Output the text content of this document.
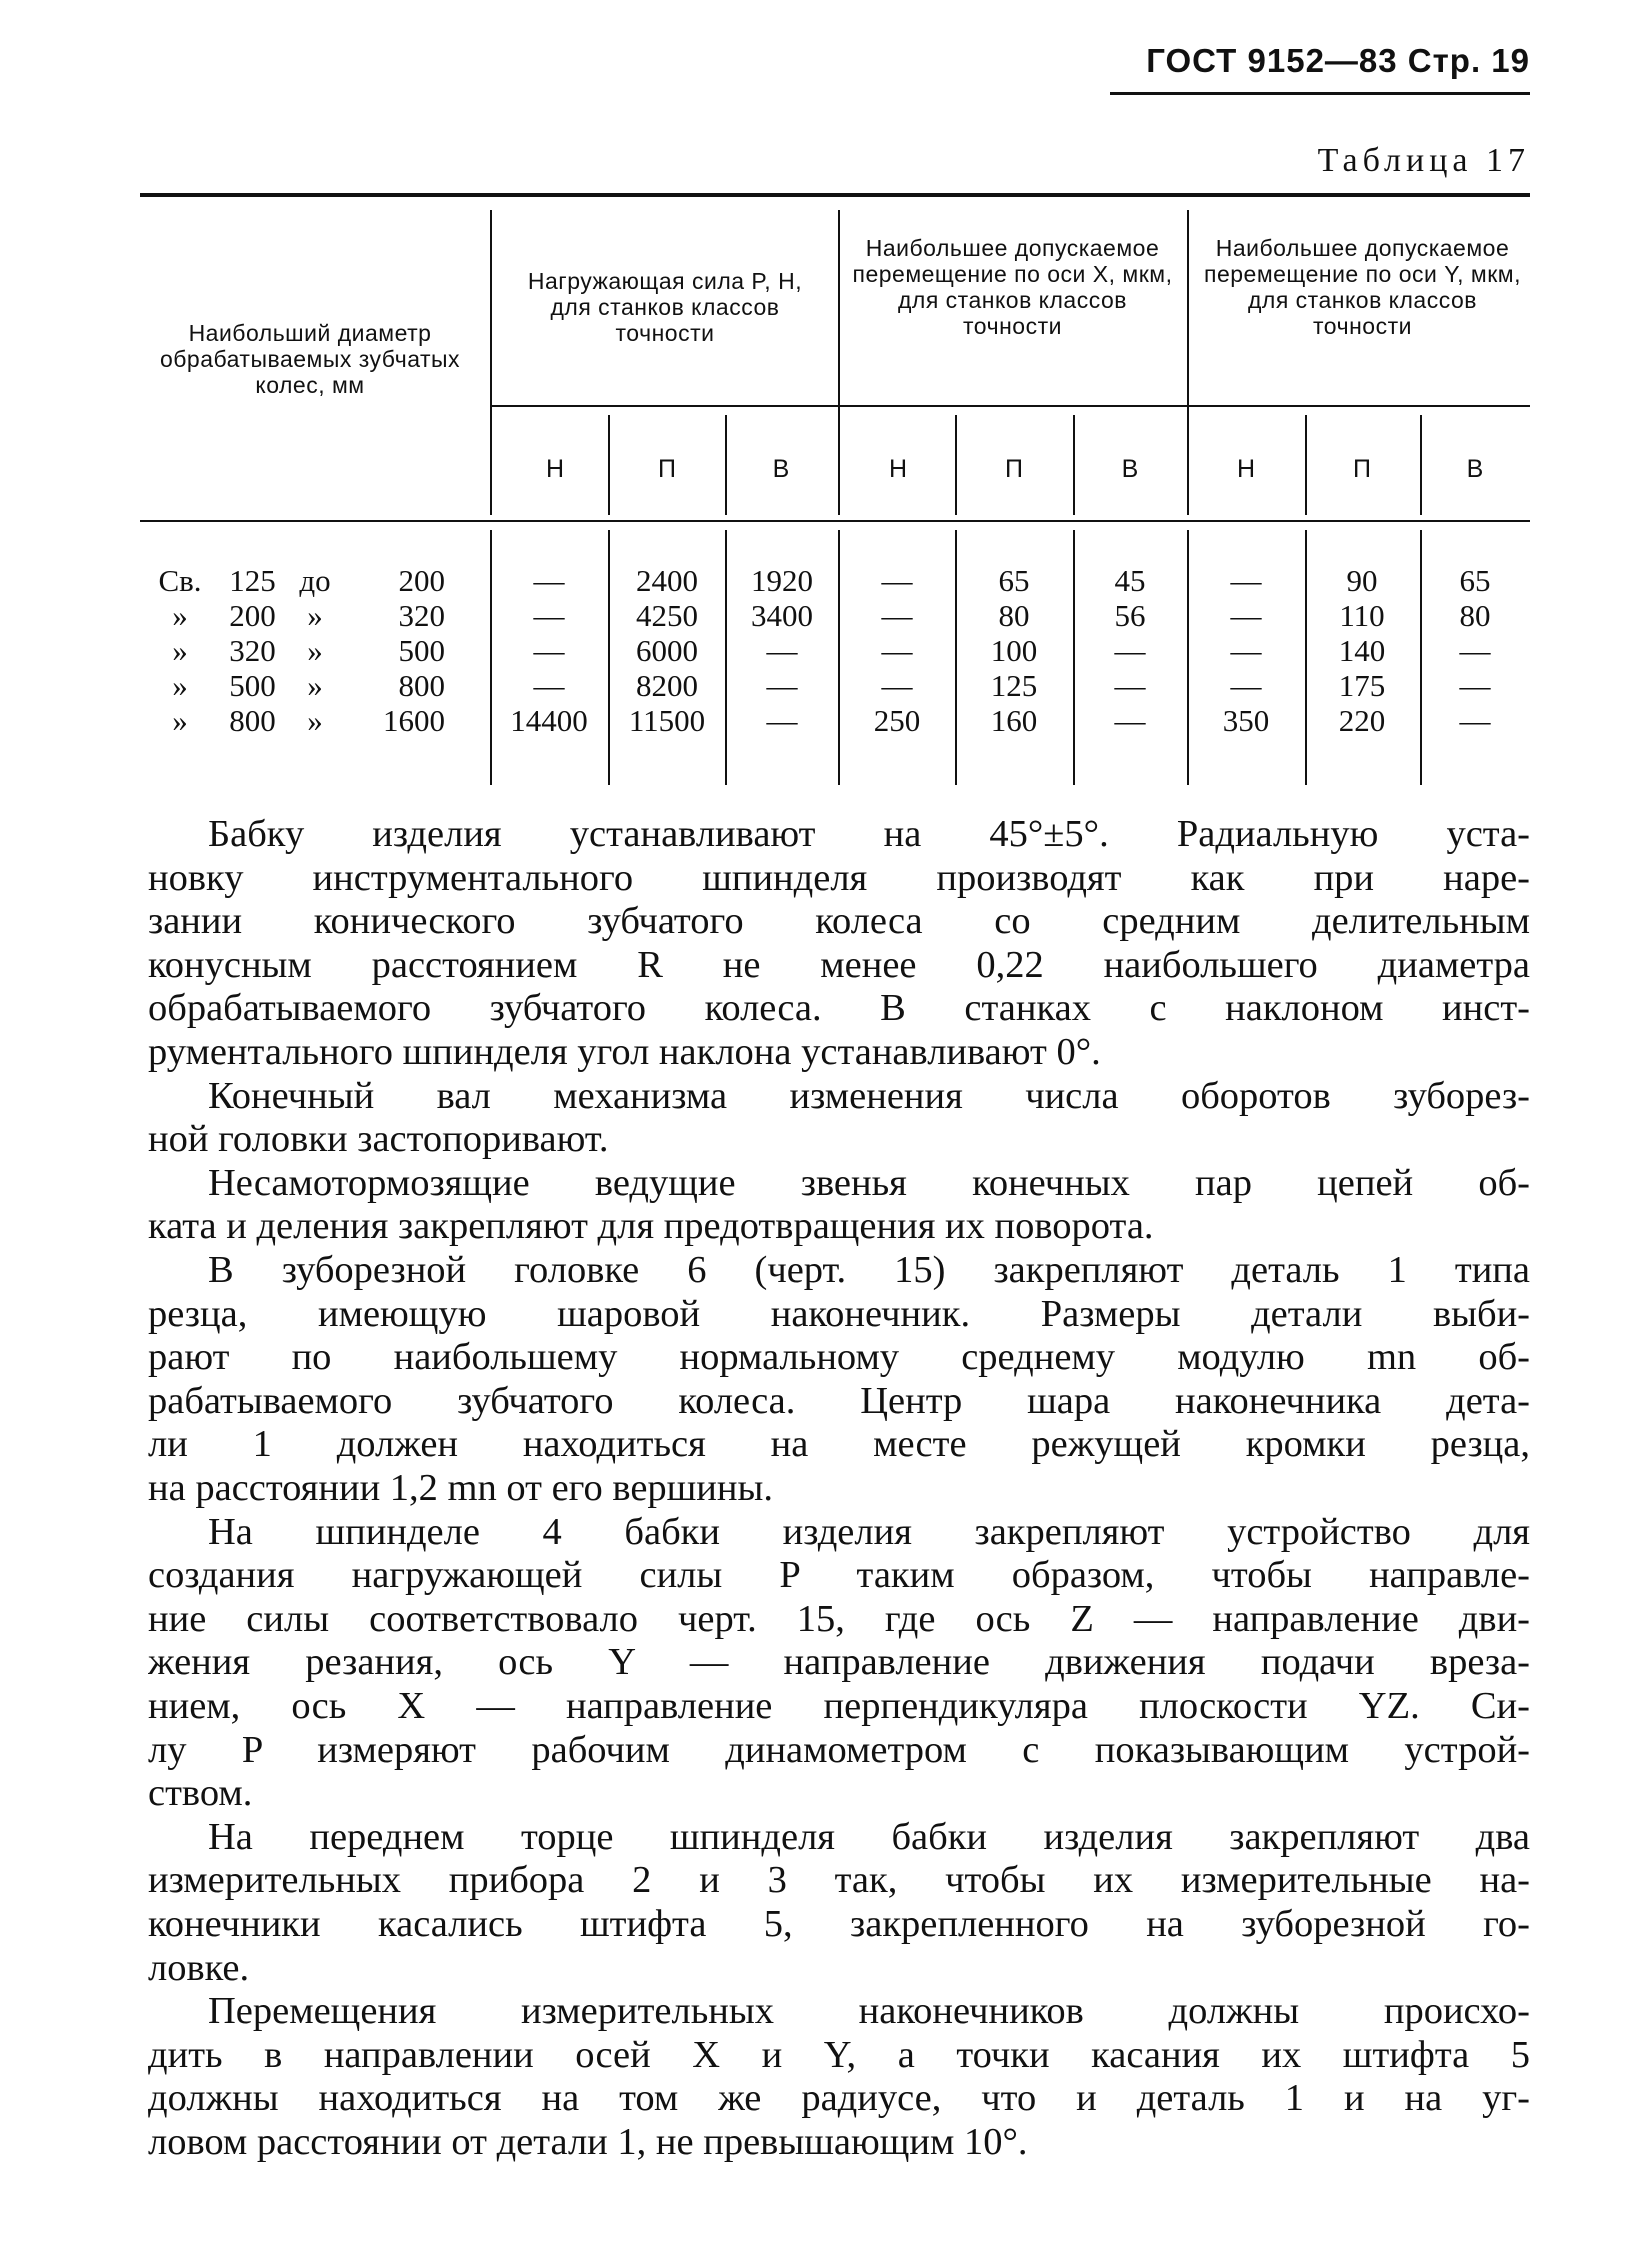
ГОСТ 9152—83 Стр. 19
Таблица 17
Наибольший диаметр обрабатываемых зубчатых колес, мм
Нагружающая сила P, Н, для станков классов точности
Наибольшее допускаемое перемещение по оси X, мкм, для станков классов точности
Наибольшее допускаемое перемещение по оси Y, мкм, для станков классов точности
Н	П	В	Н	П	В	Н	П	В
Св. 125 до	200	—	2400	1920	—	65	45	—	90	65
»	200	»	320	—	4250	3400	—	80	56	—	110	80
»	320	»	500	—	6000	—	—	100	—	—	140	—
»	500	»	800	—	8200	—	—	125	—	—	175	—
»	800	»	1600	14400	11500	—	250	160	—	350	220	—
Бабку изделия устанавливают на 45°±5°. Радиальную уста-
новку инструментального шпинделя производят как при наре-
зании конического зубчатого колеса со средним делительным
конусным расстоянием R не менее 0,22 наибольшего диаметра
обрабатываемого зубчатого колеса. В станках с наклоном инст-
рументального шпинделя угол наклона устанавливают 0°.
Конечный вал механизма изменения числа оборотов зуборез-
ной головки застопоривают.
Несамотормозящие ведущие звенья конечных пар цепей об-
ката и деления закрепляют для предотвращения их поворота.
В зуборезной головке 6 (черт. 15) закрепляют деталь 1 типа
резца, имеющую шаровой наконечник. Размеры детали выби-
рают по наибольшему нормальному среднему модулю mn об-
рабатываемого зубчатого колеса. Центр шара наконечника дета-
ли 1 должен находиться на месте режущей кромки резца,
на расстоянии 1,2 mn от его вершины.
На шпинделе 4 бабки изделия закрепляют устройство для
создания нагружающей силы P таким образом, чтобы направле-
ние силы соответствовало черт. 15, где ось Z — направление дви-
жения резания, ось Y — направление движения подачи вреза-
нием, ось X — направление перпендикуляра плоскости YZ. Си-
лу P измеряют рабочим динамометром с показывающим устрой-
ством.
На переднем торце шпинделя бабки изделия закрепляют два
измерительных прибора 2 и 3 так, чтобы их измерительные на-
конечники касались штифта 5, закрепленного на зуборезной го-
ловке.
Перемещения измерительных наконечников должны происхо-
дить в направлении осей X и Y, а точки касания их штифта 5
должны находиться на том же радиусе, что и деталь 1 и на уг-
ловом расстоянии от детали 1, не превышающим 10°.
